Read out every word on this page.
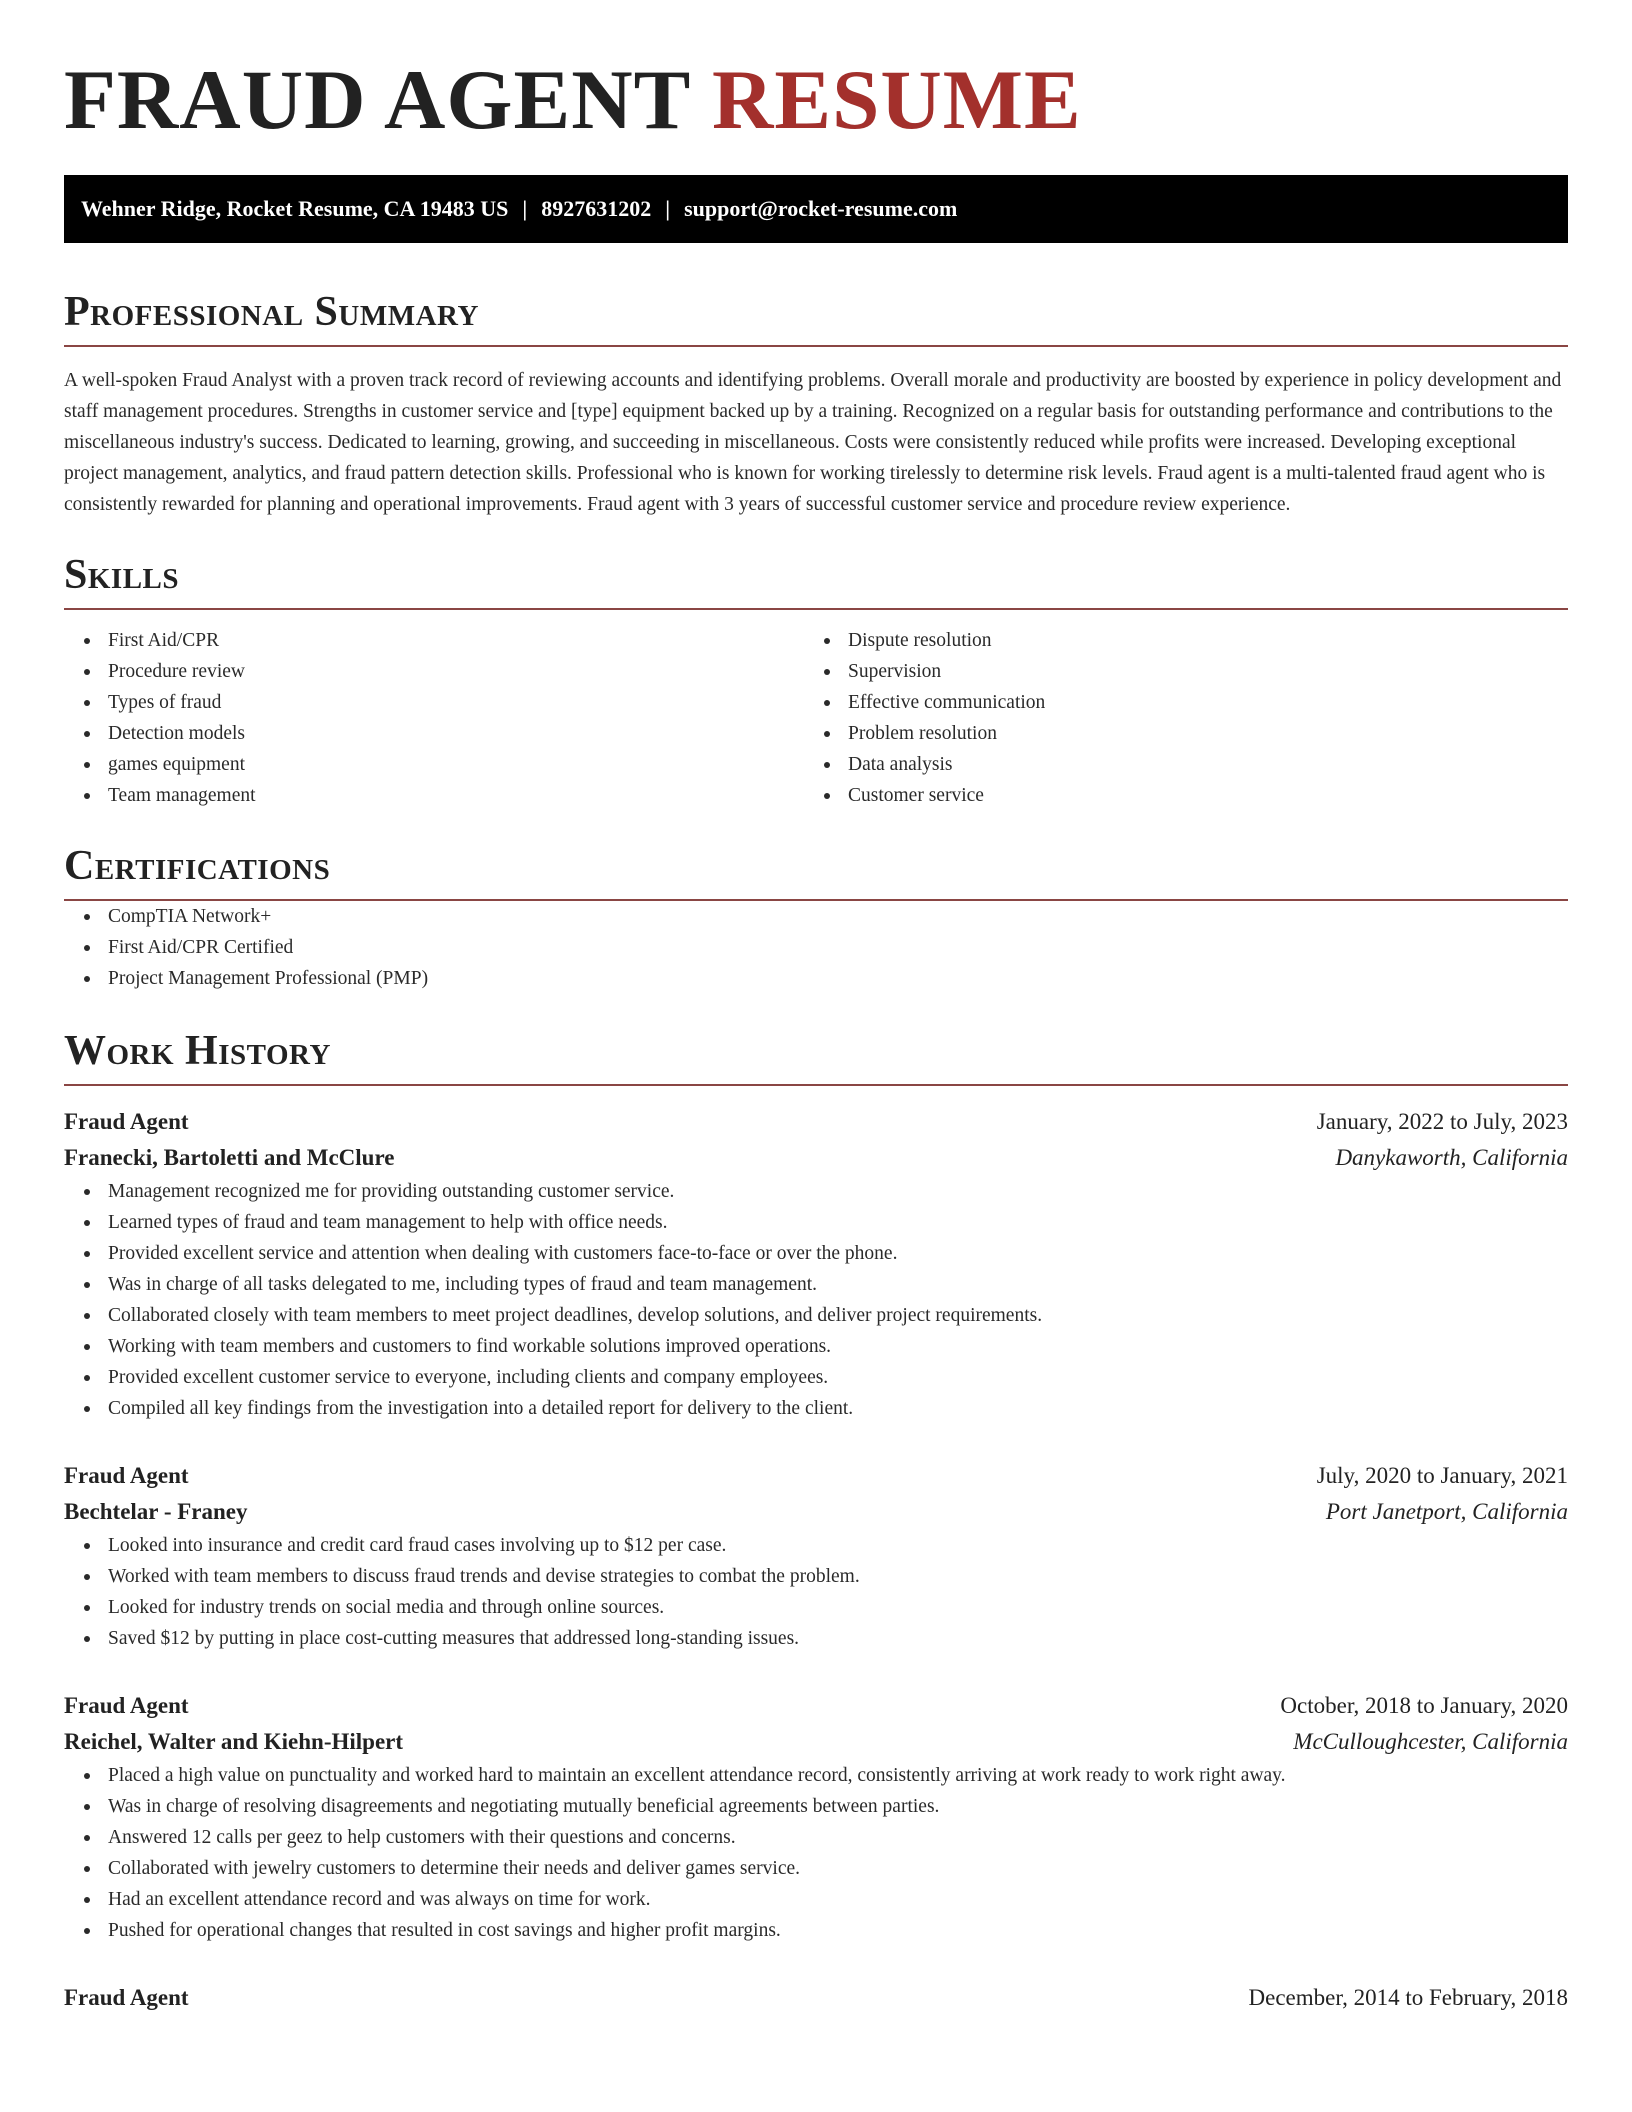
FRAUD AGENT RESUME
Wehner Ridge, Rocket Resume, CA 19483 US | 8927631202 | support@rocket-resume.com
Professional Summary

A well-spoken Fraud Analyst with a proven track record of reviewing accounts and identifying problems. Overall morale and productivity are boosted by experience in policy development and staff management procedures. Strengths in customer service and [type] equipment backed up by a training. Recognized on a regular basis for outstanding performance and contributions to the miscellaneous industry's success. Dedicated to learning, growing, and succeeding in miscellaneous. Costs were consistently reduced while profits were increased. Developing exceptional project management, analytics, and fraud pattern detection skills. Professional who is known for working tirelessly to determine risk levels. Fraud agent is a multi-talented fraud agent who is consistently rewarded for planning and operational improvements. Fraud agent with 3 years of successful customer service and procedure review experience.

Skills
First Aid/CPR
Procedure review
Types of fraud
Detection models
games equipment
Team management
Dispute resolution
Supervision
Effective communication
Problem resolution
Data analysis
Customer service
Certifications
CompTIA Network+
First Aid/CPR Certified
Project Management Professional (PMP)
Work History
Fraud Agent	January, 2022 to July, 2023
Franecki, Bartoletti and McClure	Danykaworth, California
Management recognized me for providing outstanding customer service.
Learned types of fraud and team management to help with office needs.
Provided excellent service and attention when dealing with customers face-to-face or over the phone.
Was in charge of all tasks delegated to me, including types of fraud and team management.
Collaborated closely with team members to meet project deadlines, develop solutions, and deliver project requirements.
Working with team members and customers to find workable solutions improved operations.
Provided excellent customer service to everyone, including clients and company employees.
Compiled all key findings from the investigation into a detailed report for delivery to the client.
Fraud Agent	July, 2020 to January, 2021
Bechtelar - Franey	Port Janetport, California
Looked into insurance and credit card fraud cases involving up to $12 per case.
Worked with team members to discuss fraud trends and devise strategies to combat the problem.
Looked for industry trends on social media and through online sources.
Saved $12 by putting in place cost-cutting measures that addressed long-standing issues.
Fraud Agent	October, 2018 to January, 2020
Reichel, Walter and Kiehn-Hilpert	McCulloughcester, California
Placed a high value on punctuality and worked hard to maintain an excellent attendance record, consistently arriving at work ready to work right away.
Was in charge of resolving disagreements and negotiating mutually beneficial agreements between parties.
Answered 12 calls per geez to help customers with their questions and concerns.
Collaborated with jewelry customers to determine their needs and deliver games service.
Had an excellent attendance record and was always on time for work.
Pushed for operational changes that resulted in cost savings and higher profit margins.
Fraud Agent	December, 2014 to February, 2018
